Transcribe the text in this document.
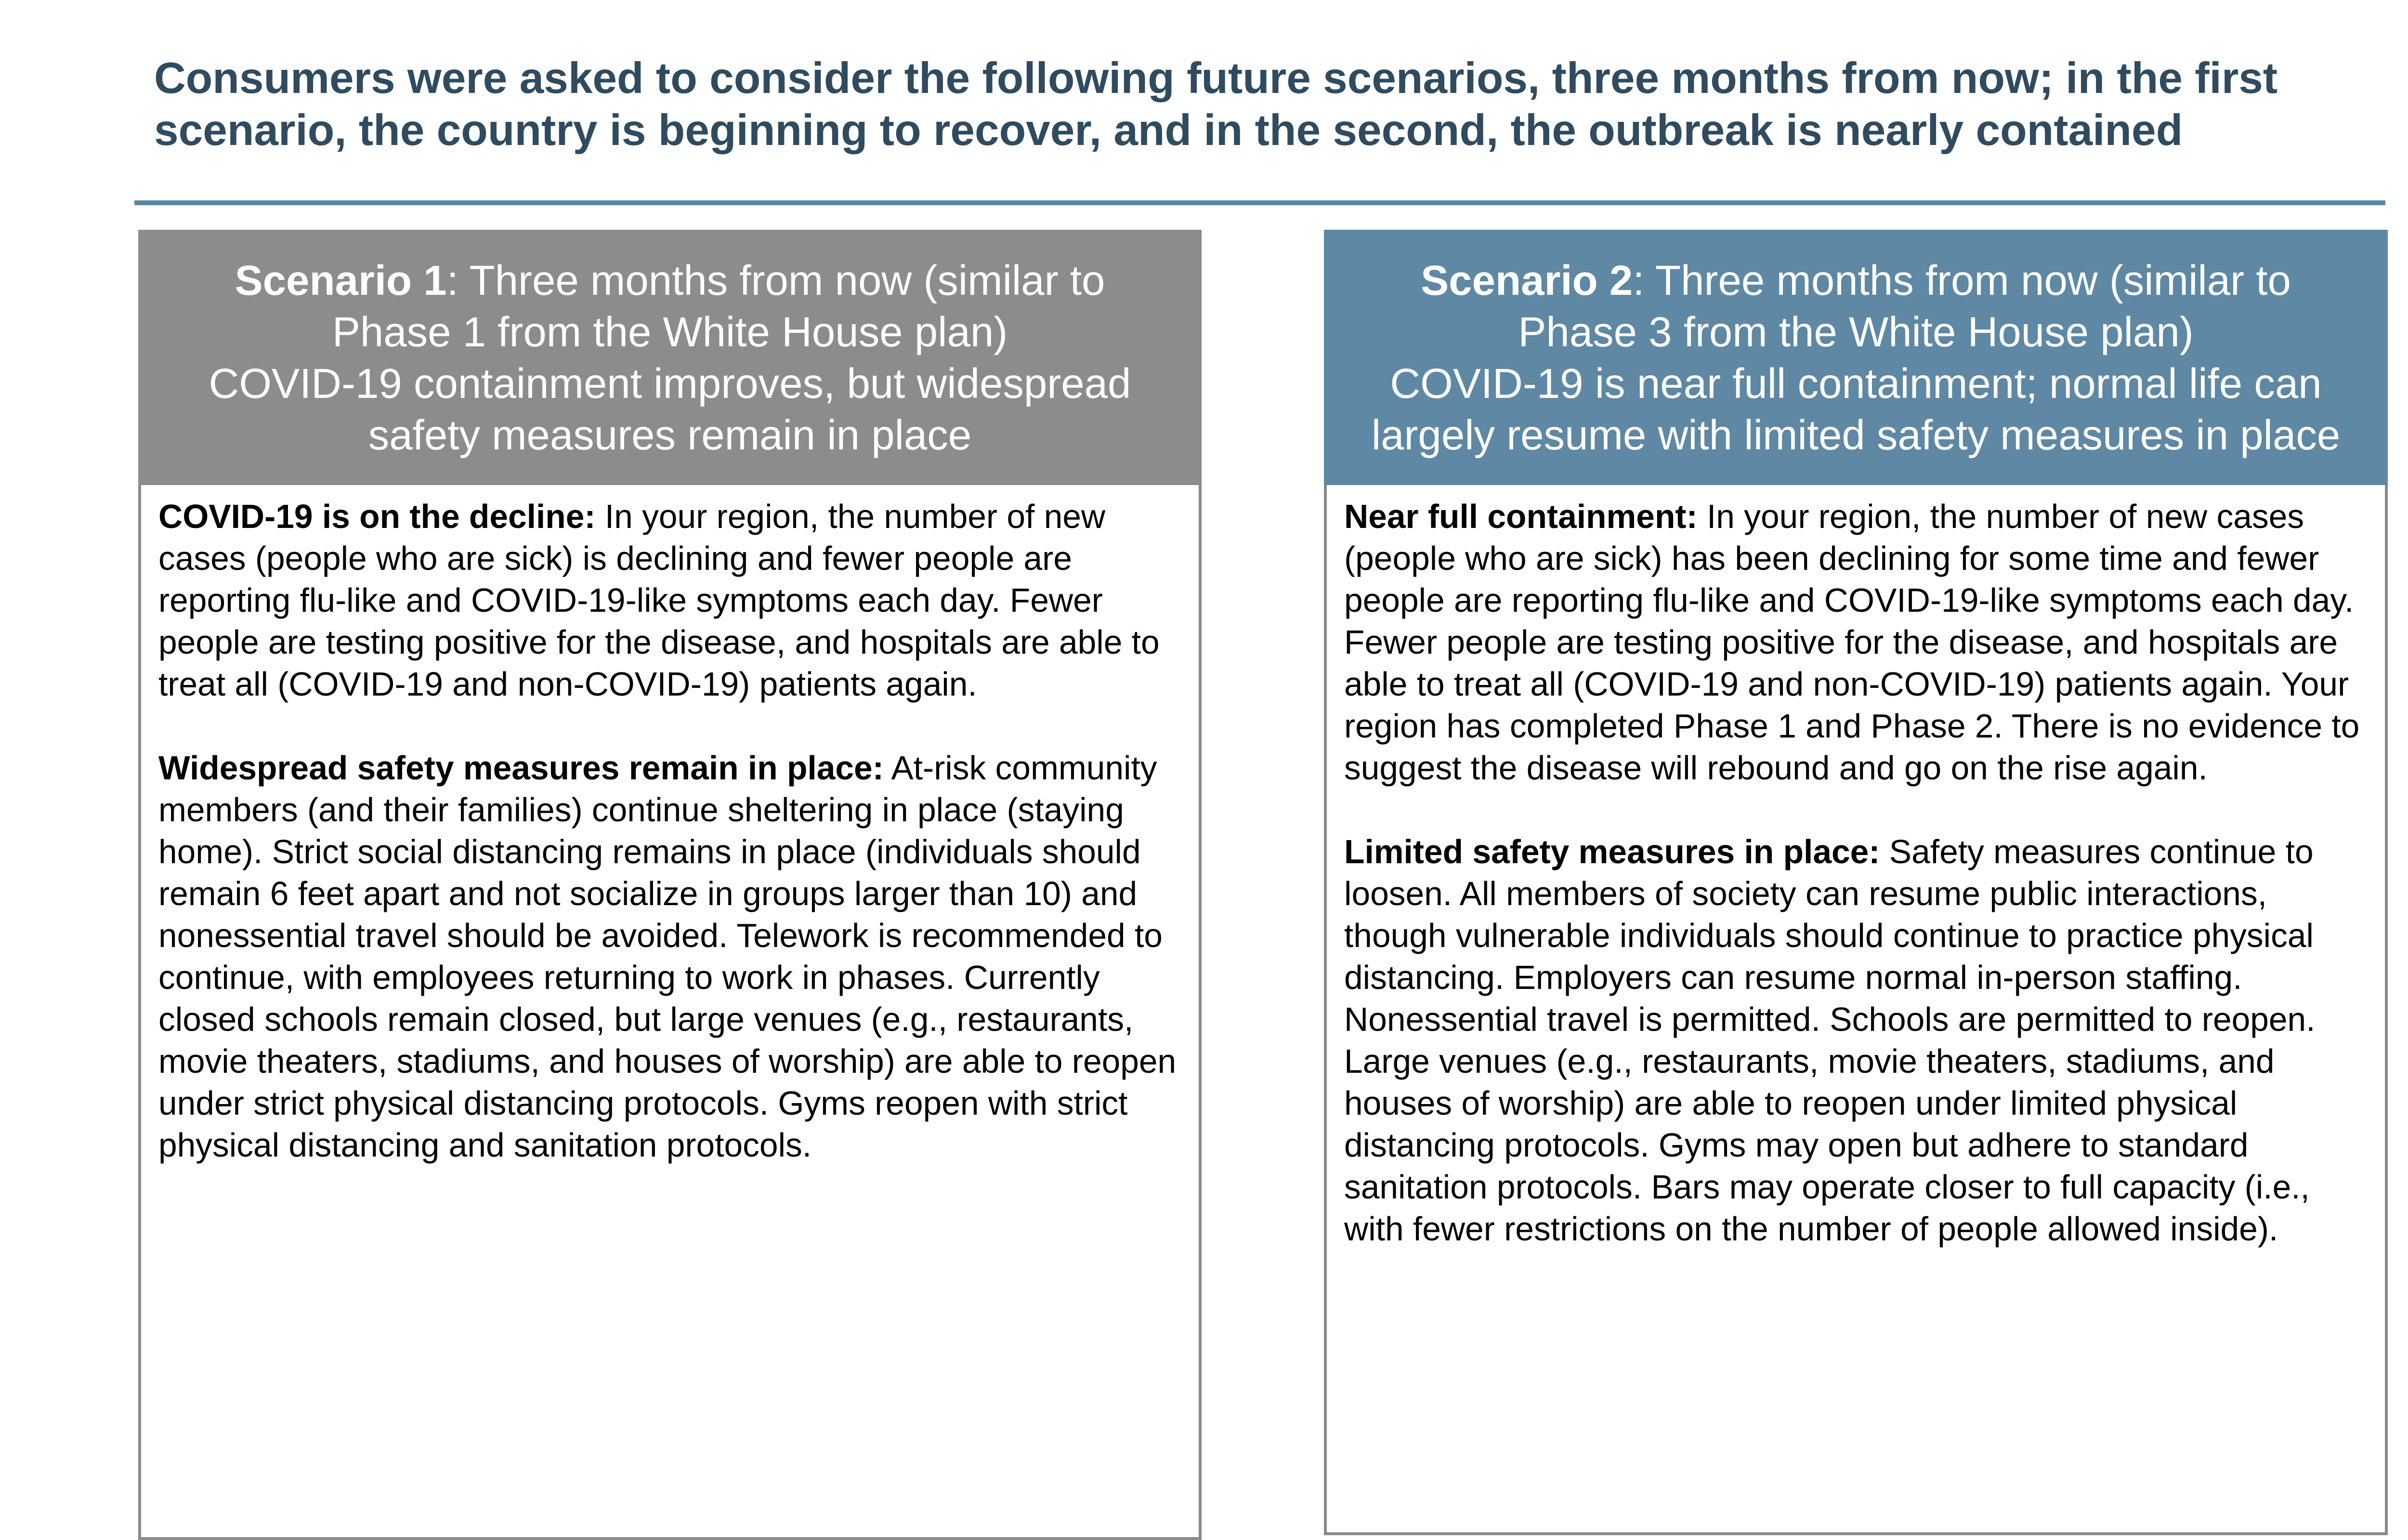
Consumers were asked to consider the following future scenarios, three months from now; in the first scenario, the country is beginning to recover, and in the second, the outbreak is nearly contained
Scenario 1: Three months from now (similar to
Phase 1 from the White House plan)
COVID-19 containment improves, but widespread
safety measures remain in place

COVID-19 is on the decline: In your region, the number of new cases (people who are sick) is declining and fewer people are reporting flu-like and COVID-19-like symptoms each day. Fewer people are testing positive for the disease, and hospitals are able to treat all (COVID-19 and non-COVID-19) patients again.

Widespread safety measures remain in place: At-risk community members (and their families) continue sheltering in place (staying home). Strict social distancing remains in place (individuals should remain 6 feet apart and not socialize in groups larger than 10) and nonessential travel should be avoided. Telework is recommended to continue, with employees returning to work in phases. Currently closed schools remain closed, but large venues (e.g., restaurants, movie theaters, stadiums, and houses of worship) are able to reopen under strict physical distancing protocols. Gyms reopen with strict physical distancing and sanitation protocols.

Scenario 2: Three months from now (similar to
Phase 3 from the White House plan)
COVID-19 is near full containment; normal life can
largely resume with limited safety measures in place

Near full containment: In your region, the number of new cases (people who are sick) has been declining for some time and fewer people are reporting flu-like and COVID-19-like symptoms each day. Fewer people are testing positive for the disease, and hospitals are able to treat all (COVID-19 and non-COVID-19) patients again. Your region has completed Phase 1 and Phase 2. There is no evidence to suggest the disease will rebound and go on the rise again.

Limited safety measures in place: Safety measures continue to loosen. All members of society can resume public interactions, though vulnerable individuals should continue to practice physical distancing. Employers can resume normal in-person staffing. Nonessential travel is permitted. Schools are permitted to reopen. Large venues (e.g., restaurants, movie theaters, stadiums, and houses of worship) are able to reopen under limited physical distancing protocols. Gyms may open but adhere to standard sanitation protocols. Bars may operate closer to full capacity (i.e., with fewer restrictions on the number of people allowed inside).
